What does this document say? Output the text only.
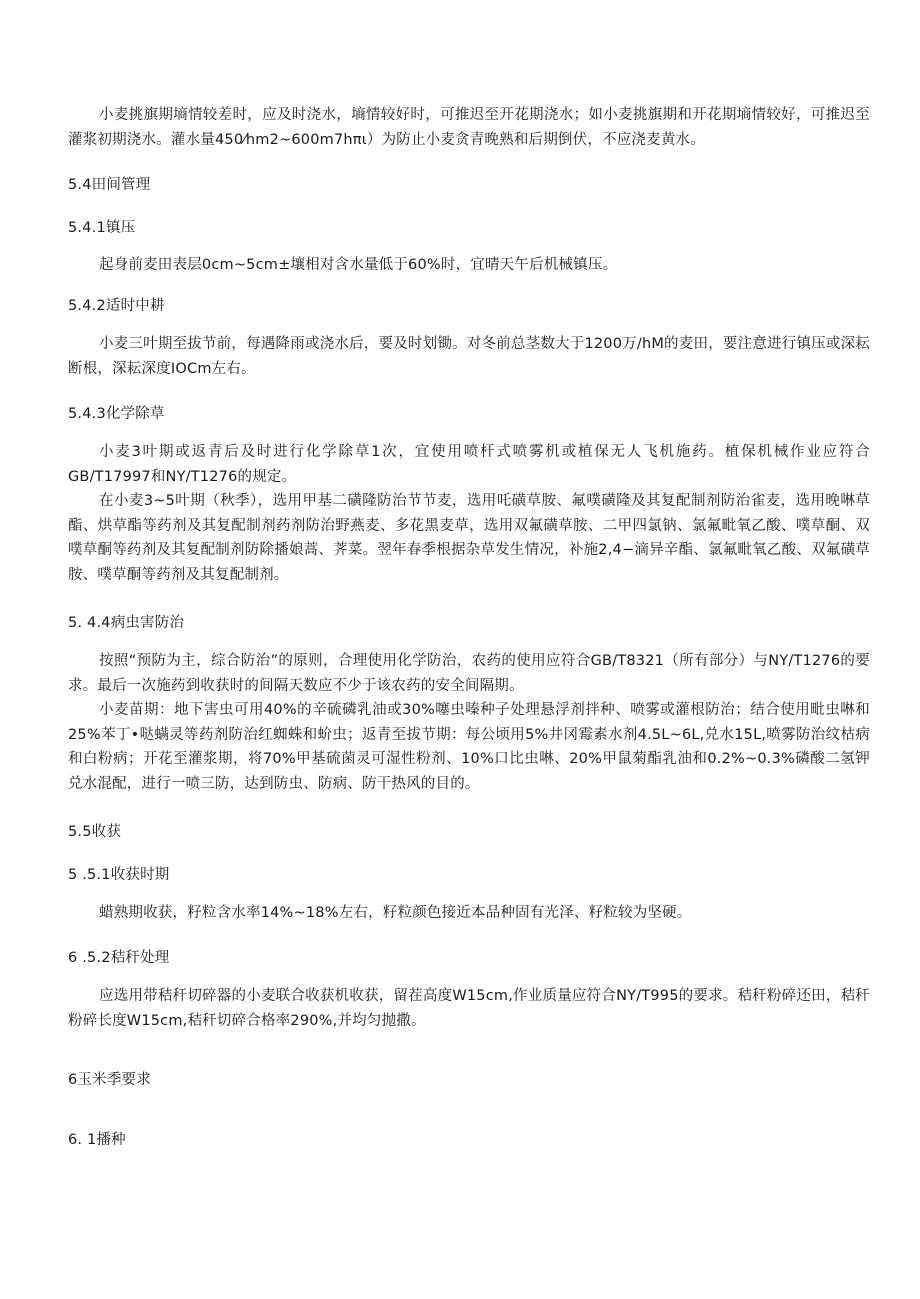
小麦挑旗期墒情较差时，应及时浇水，墒情较好时，可推迟至开花期浇水；如小麦挑旗期和开花期墒情较好，可推迟至灌浆初期浇水。灌水量450⁄hm2~600m7hπι）为防止小麦贪青晚熟和后期倒伏，不应浇麦黄水。

5.4田间管理
5.4.1镇压

起身前麦田表层0cm~5cm±壤相对含水量低于60%时，宜晴天午后机械镇压。

5.4.2适时中耕

小麦三叶期至拔节前，每遇降雨或浇水后，要及时划锄。对冬前总茎数大于1200万/hM的麦田，要注意进行镇压或深耘断根，深耘深度IOCm左右。

5.4.3化学除草

小麦3叶期或返青后及时进行化学除草1次，宜使用喷杆式喷雾机或植保无人飞机施药。植保机械作业应符合GB/T17997和NY/T1276的规定。

在小麦3~5叶期（秋季），选用甲基二磺隆防治节节麦，选用吒磺草胺、氟噗磺隆及其复配制剂防治雀麦，选用晚啉草酯、烘草酯等药剂及其复配制剂药剂防治野燕麦、多花黑麦草，选用双氟磺草胺、二甲四氯钠、氯氟毗氧乙酸、噗草酮、双噗草酮等药剂及其复配制剂防除播娘蒿、荠菜。翌年春季根据杂草发生情况，补施2,4−滴异辛酯、氯氟毗氧乙酸、双氟磺草胺、噗草酮等药剂及其复配制剂。

5. 4.4病虫害防治

按照“预防为主，综合防治”的原则，合理使用化学防治，农药的使用应符合GB/T8321（所有部分）与NY/T1276的要求。最后一次施药到收获时的间隔天数应不少于该农药的安全间隔期。

小麦苗期：地下害虫可用40%的辛硫磷乳油或30%噻虫嗪种子处理悬浮剂拌种、喷雾或灌根防治；结合使用毗虫啉和25%苯丁•哒螨灵等药剂防治红蜘蛛和蚧虫；返青至拔节期：每公顷用5%井冈霉素水剂4.5L~6L,兑水15L,喷雾防治纹枯病和白粉病；开花至灌浆期，将70%甲基硫菌灵可湿性粉剂、10%口比虫啉、20%甲鼠菊酯乳油和0.2%~0.3%磷酸二氢钾兑水混配，进行一喷三防，达到防虫、防病、防干热风的目的。

5.5收获
5 .5.1收获时期

蜡熟期收获，籽粒含水率14%~18%左右，籽粒颜色接近本品种固有光泽、籽粒较为坚硬。

6 .5.2秸秆处理

应选用带秸秆切碎器的小麦联合收获机收获，留茬高度W15cm,作业质量应符合NY/T995的要求。秸秆粉碎还田，秸秆粉碎长度W15cm,秸秆切碎合格率290%,并均匀抛撒。

6玉米季要求
6. 1播种
